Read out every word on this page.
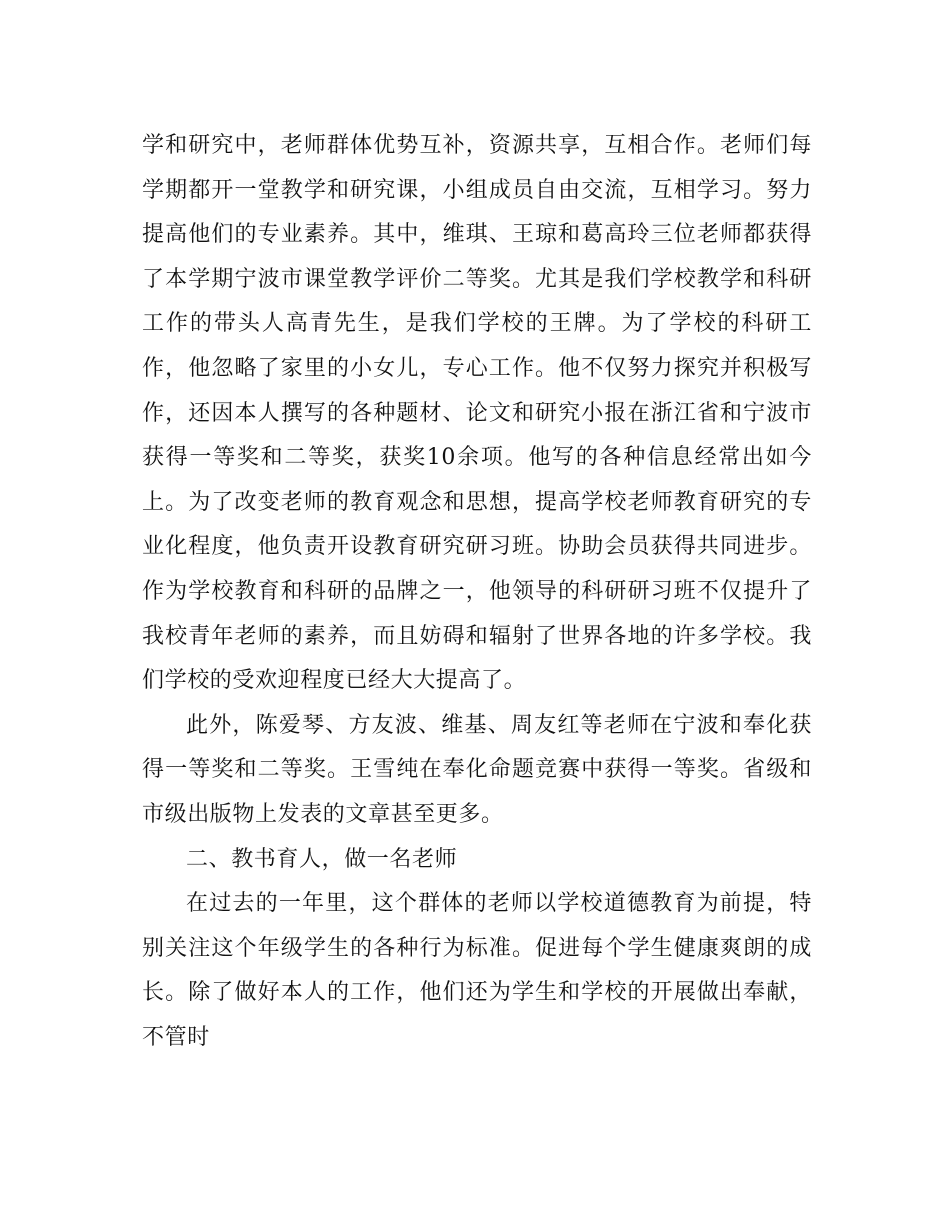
学和研究中，老师群体优势互补，资源共享，互相合作。老师们每学期都开一堂教学和研究课，小组成员自由交流，互相学习。努力提高他们的专业素养。其中，维琪、王琼和葛高玲三位老师都获得了本学期宁波市课堂教学评价二等奖。尤其是我们学校教学和科研工作的带头人高青先生，是我们学校的王牌。为了学校的科研工作，他忽略了家里的小女儿，专心工作。他不仅努力探究并积极写作，还因本人撰写的各种题材、论文和研究小报在浙江省和宁波市获得一等奖和二等奖，获奖10余项。他写的各种信息经常出如今上。为了改变老师的教育观念和思想，提高学校老师教育研究的专业化程度，他负责开设教育研究研习班。协助会员获得共同进步。作为学校教育和科研的品牌之一，他领导的科研研习班不仅提升了我校青年老师的素养，而且妨碍和辐射了世界各地的许多学校。我们学校的受欢迎程度已经大大提高了。

此外，陈爱琴、方友波、维基、周友红等老师在宁波和奉化获得一等奖和二等奖。王雪纯在奉化命题竞赛中获得一等奖。省级和市级出版物上发表的文章甚至更多。

二、教书育人，做一名老师

在过去的一年里，这个群体的老师以学校道德教育为前提，特别关注这个年级学生的各种行为标准。促进每个学生健康爽朗的成长。除了做好本人的工作，他们还为学生和学校的开展做出奉献，不管时
